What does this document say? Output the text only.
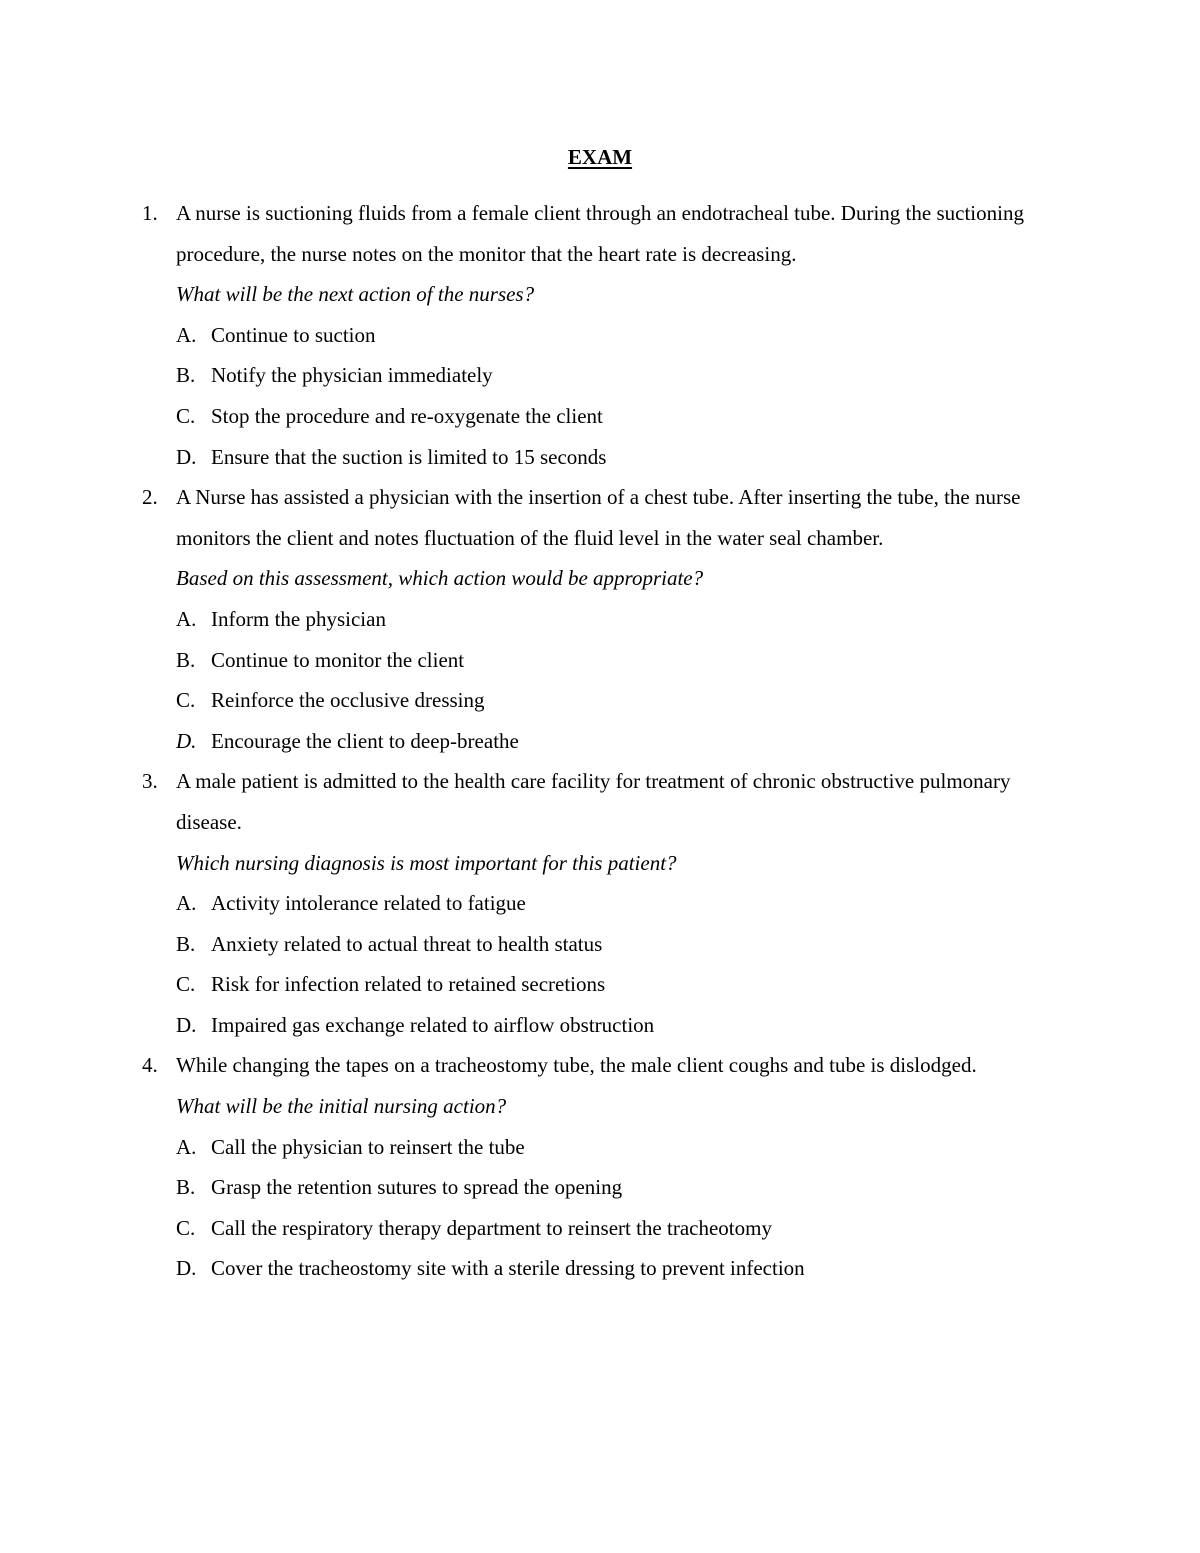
EXAM
1. A nurse is suctioning fluids from a female client through an endotracheal tube. During the suctioning procedure, the nurse notes on the monitor that the heart rate is decreasing.
What will be the next action of the nurses?
A. Continue to suction
B. Notify the physician immediately
C. Stop the procedure and re-oxygenate the client
D. Ensure that the suction is limited to 15 seconds
2. A Nurse has assisted a physician with the insertion of a chest tube. After inserting the tube, the nurse monitors the client and notes fluctuation of the fluid level in the water seal chamber.
Based on this assessment, which action would be appropriate?
A. Inform the physician
B. Continue to monitor the client
C. Reinforce the occlusive dressing
D. Encourage the client to deep-breathe
3. A male patient is admitted to the health care facility for treatment of chronic obstructive pulmonary disease.
Which nursing diagnosis is most important for this patient?
A. Activity intolerance related to fatigue
B. Anxiety related to actual threat to health status
C. Risk for infection related to retained secretions
D. Impaired gas exchange related to airflow obstruction
4. While changing the tapes on a tracheostomy tube, the male client coughs and tube is dislodged.
What will be the initial nursing action?
A. Call the physician to reinsert the tube
B. Grasp the retention sutures to spread the opening
C. Call the respiratory therapy department to reinsert the tracheotomy
D. Cover the tracheostomy site with a sterile dressing to prevent infection
